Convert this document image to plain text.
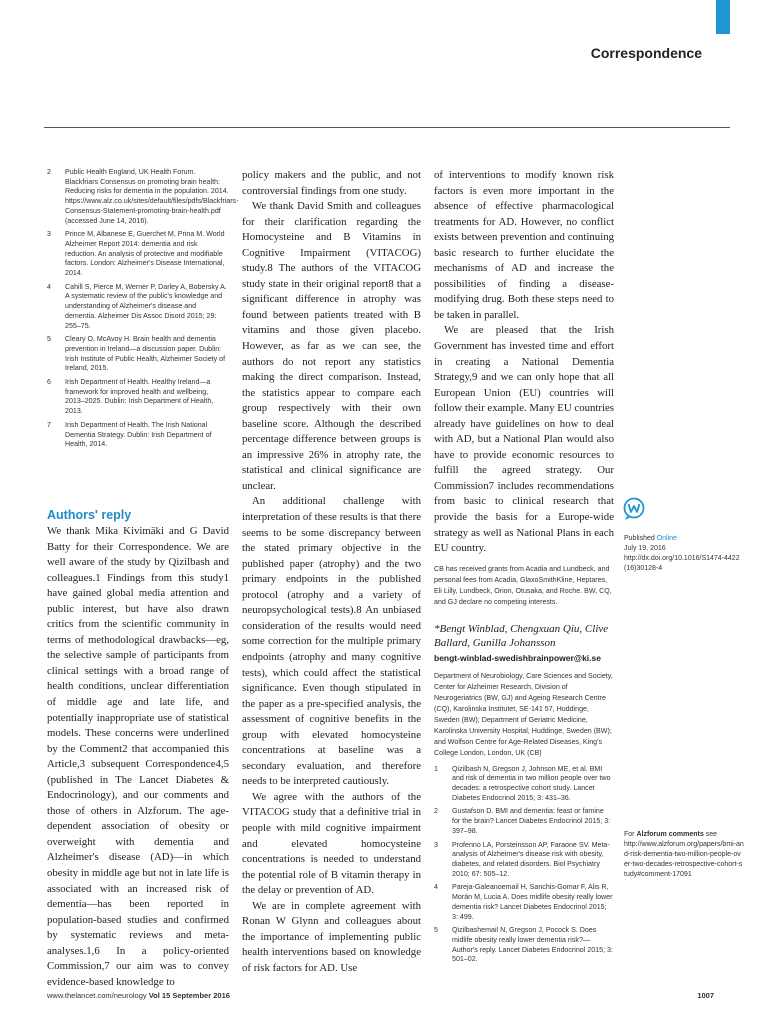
Correspondence
2 Public Health England, UK Health Forum. Blackfriars Consensus on promoting brain health: Reducing risks for dementia in the population. 2014. https://www.alz.co.uk/sites/default/files/pdfs/Blackfriars-Consensus-Statement-promoting-brain-health.pdf (accessed June 14, 2016).
3 Prince M, Albanese E, Guerchet M, Prina M. World Alzheimer Report 2014: dementia and risk reduction. An analysis of protective and modifiable factors. London: Alzheimer's Disease International, 2014.
4 Cahill S, Pierce M, Werner P, Darley A, Bobersky A. A systematic review of the public's knowledge and understanding of Alzheimer's disease and dementia. Alzheimer Dis Assoc Disord 2015; 29: 255–75.
5 Cleary O, McAvoy H. Brain health and dementia prevention in Ireland—a discussion paper. Dublin: Irish Institute of Public Health, Alzheimer Society of Ireland, 2015.
6 Irish Department of Health. Healthy Ireland—a framework for improved health and wellbeing, 2013–2025. Dublin: Irish Department of Health, 2013.
7 Irish Department of Health. The Irish National Dementia Strategy. Dublin: Irish Department of Health, 2014.
Authors' reply

We thank Mika Kivimäki and G David Batty for their Correspondence. We are well aware of the study by Qizilbash and colleagues.1 Findings from this study1 have gained global media attention and public interest, but have also drawn critics from the scientific community in terms of methodological drawbacks—eg, the selective sample of participants from clinical settings with a broad range of health conditions, unclear differentiation of middle age and late life, and potentially inappropriate use of statistical models. These concerns were underlined by the Comment2 that accompanied this Article,3 subsequent Correspondence4,5 (published in The Lancet Diabetes & Endocrinology), and our comments and those of others in Alzforum. The age-dependent association of obesity or overweight with dementia and Alzheimer's disease (AD)—in which obesity in middle age but not in late life is associated with an increased risk of dementia—has been reported in population-based studies and confirmed by systematic reviews and meta-analyses.1,6 In a policy-oriented Commission,7 our aim was to convey evidence-based knowledge to

policy makers and the public, and not controversial findings from one study.

We thank David Smith and colleagues for their clarification regarding the Homocysteine and B Vitamins in Cognitive Impairment (VITACOG) study.8 The authors of the VITACOG study state in their original report8 that a significant difference in atrophy was found between patients treated with B vitamins and those given placebo. However, as far as we can see, the authors do not report any statistics making the direct comparison. Instead, the statistics appear to compare each group respectively with their own baseline score. Although the described percentage difference between groups is an impressive 26% in atrophy rate, the statistical and clinical significance are unclear.

An additional challenge with interpretation of these results is that there seems to be some discrepancy between the stated primary objective in the published paper (atrophy) and the two primary endpoints in the published protocol (atrophy and a variety of neuropsychological tests).8 An unbiased consideration of the results would need some correction for the multiple primary endpoints (atrophy and many cognitive tests), which could affect the statistical significance. Even though stipulated in the paper as a pre-specified analysis, the assessment of cognitive benefits in the group with elevated homocysteine concentrations at baseline was a secondary evaluation, and therefore needs to be interpreted cautiously.

We agree with the authors of the VITACOG study that a definitive trial in people with mild cognitive impairment and elevated homocysteine concentrations is needed to understand the potential role of B vitamin therapy in the delay or prevention of AD.

We are in complete agreement with Ronan W Glynn and colleagues about the importance of implementing public health interventions based on knowledge of risk factors for AD. Use

of interventions to modify known risk factors is even more important in the absence of effective pharmacological treatments for AD. However, no conflict exists between prevention and continuing basic research to further elucidate the mechanisms of AD and increase the possibilities of finding a disease-modifying drug. Both these steps need to be taken in parallel.

We are pleased that the Irish Government has invested time and effort in creating a National Dementia Strategy,9 and we can only hope that all European Union (EU) countries will follow their example. Many EU countries already have guidelines on how to deal with AD, but a National Plan would also have to provide economic resources to fulfill the agreed strategy. Our Commission7 includes recommendations from basic to clinical research that provide the basis for a Europe-wide strategy as well as National Plans in each EU country.

CB has received grants from Acadia and Lundbeck, and personal fees from Acadia, GlaxoSmithKline, Heptares, Eli Lilly, Lundbeck, Orion, Otusaka, and Roche. BW, CQ, and GJ declare no competing interests.

*Bengt Winblad, Chengxuan Qiu, Clive Ballard, Gunilla Johansson
bengt-winblad-swedishbrainpower@ki.se
Department of Neurobiology, Care Sciences and Society, Center for Alzheimer Research, Division of Neurogeriatrics (BW, GJ) and Ageing Research Centre (CQ), Karolinska Institutet, SE-141 57, Huddinge, Sweden (BW); Department of Geriatric Medicine, Karolinska University Hospital, Huddinge, Sweden (BW); and Wolfson Centre for Age-Related Diseases, King's College London, London, UK (CB)
1 Qizilbash N, Gregson J, Johnson ME, et al. BMI and risk of dementia in two million people over two decades: a retrospective cohort study. Lancet Diabetes Endocrinol 2015; 3: 431–36.
2 Gustafson D. BMI and dementia: feast or famine for the brain? Lancet Diabetes Endocrinol 2015; 3: 397–98.
3 Profenno LA, Porsteinsson AP, Faraone SV. Meta-analysis of Alzheimer's disease risk with obesity, diabetes, and related disorders. Biol Psychiatry 2010; 67: 505–12.
4 Pareja-Galeanoemail H, Sanchis-Gomar F, Alis R, Morán M, Lucia A. Does midlife obesity really lower dementia risk? Lancet Diabetes Endocrinol 2015; 3: 499.
5 Qizilbashemail N, Gregson J, Pocock S. Does midlife obesity really lower dementia risk?—Author's reply. Lancet Diabetes Endocrinol 2015; 3: 501–02.
Published Online
July 19, 2016
http://dx.doi.org/10.1016/S1474-4422(16)30128-4
For Alzforum comments see
http://www.alzforum.org/papers/bmi-and-risk-dementia-two-million-people-over-two-decades-retrospective-cohort-study#comment-17091
www.thelancet.com/neurology Vol 15 September 2016	1007
